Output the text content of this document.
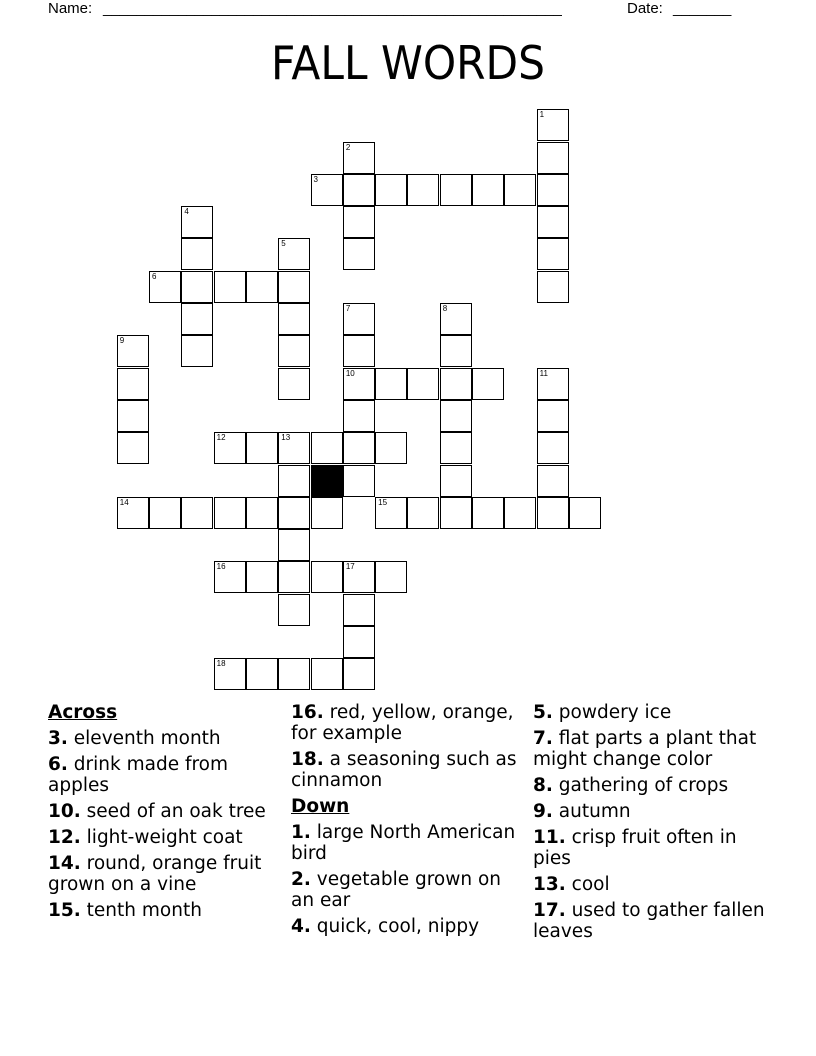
Name: _______________________________________________________	Date: _______
FALL WORDS
1
2
3
4
5
6
7
10
8
9
11
12	13
14	15
16	17
18
Across
3. eleventh month
6. drink made from apples
10. seed of an oak tree
12. light-weight coat
14. round, orange fruit grown on a vine
15. tenth month
16. red, yellow, orange, for example
18. a seasoning such as cinnamon
Down
1. large North American bird
2. vegetable grown on an ear
4. quick, cool, nippy
5. powdery ice
7. flat parts a plant that might change color
8. gathering of crops
9. autumn
11. crisp fruit often in pies
13. cool
17. used to gather fallen leaves
